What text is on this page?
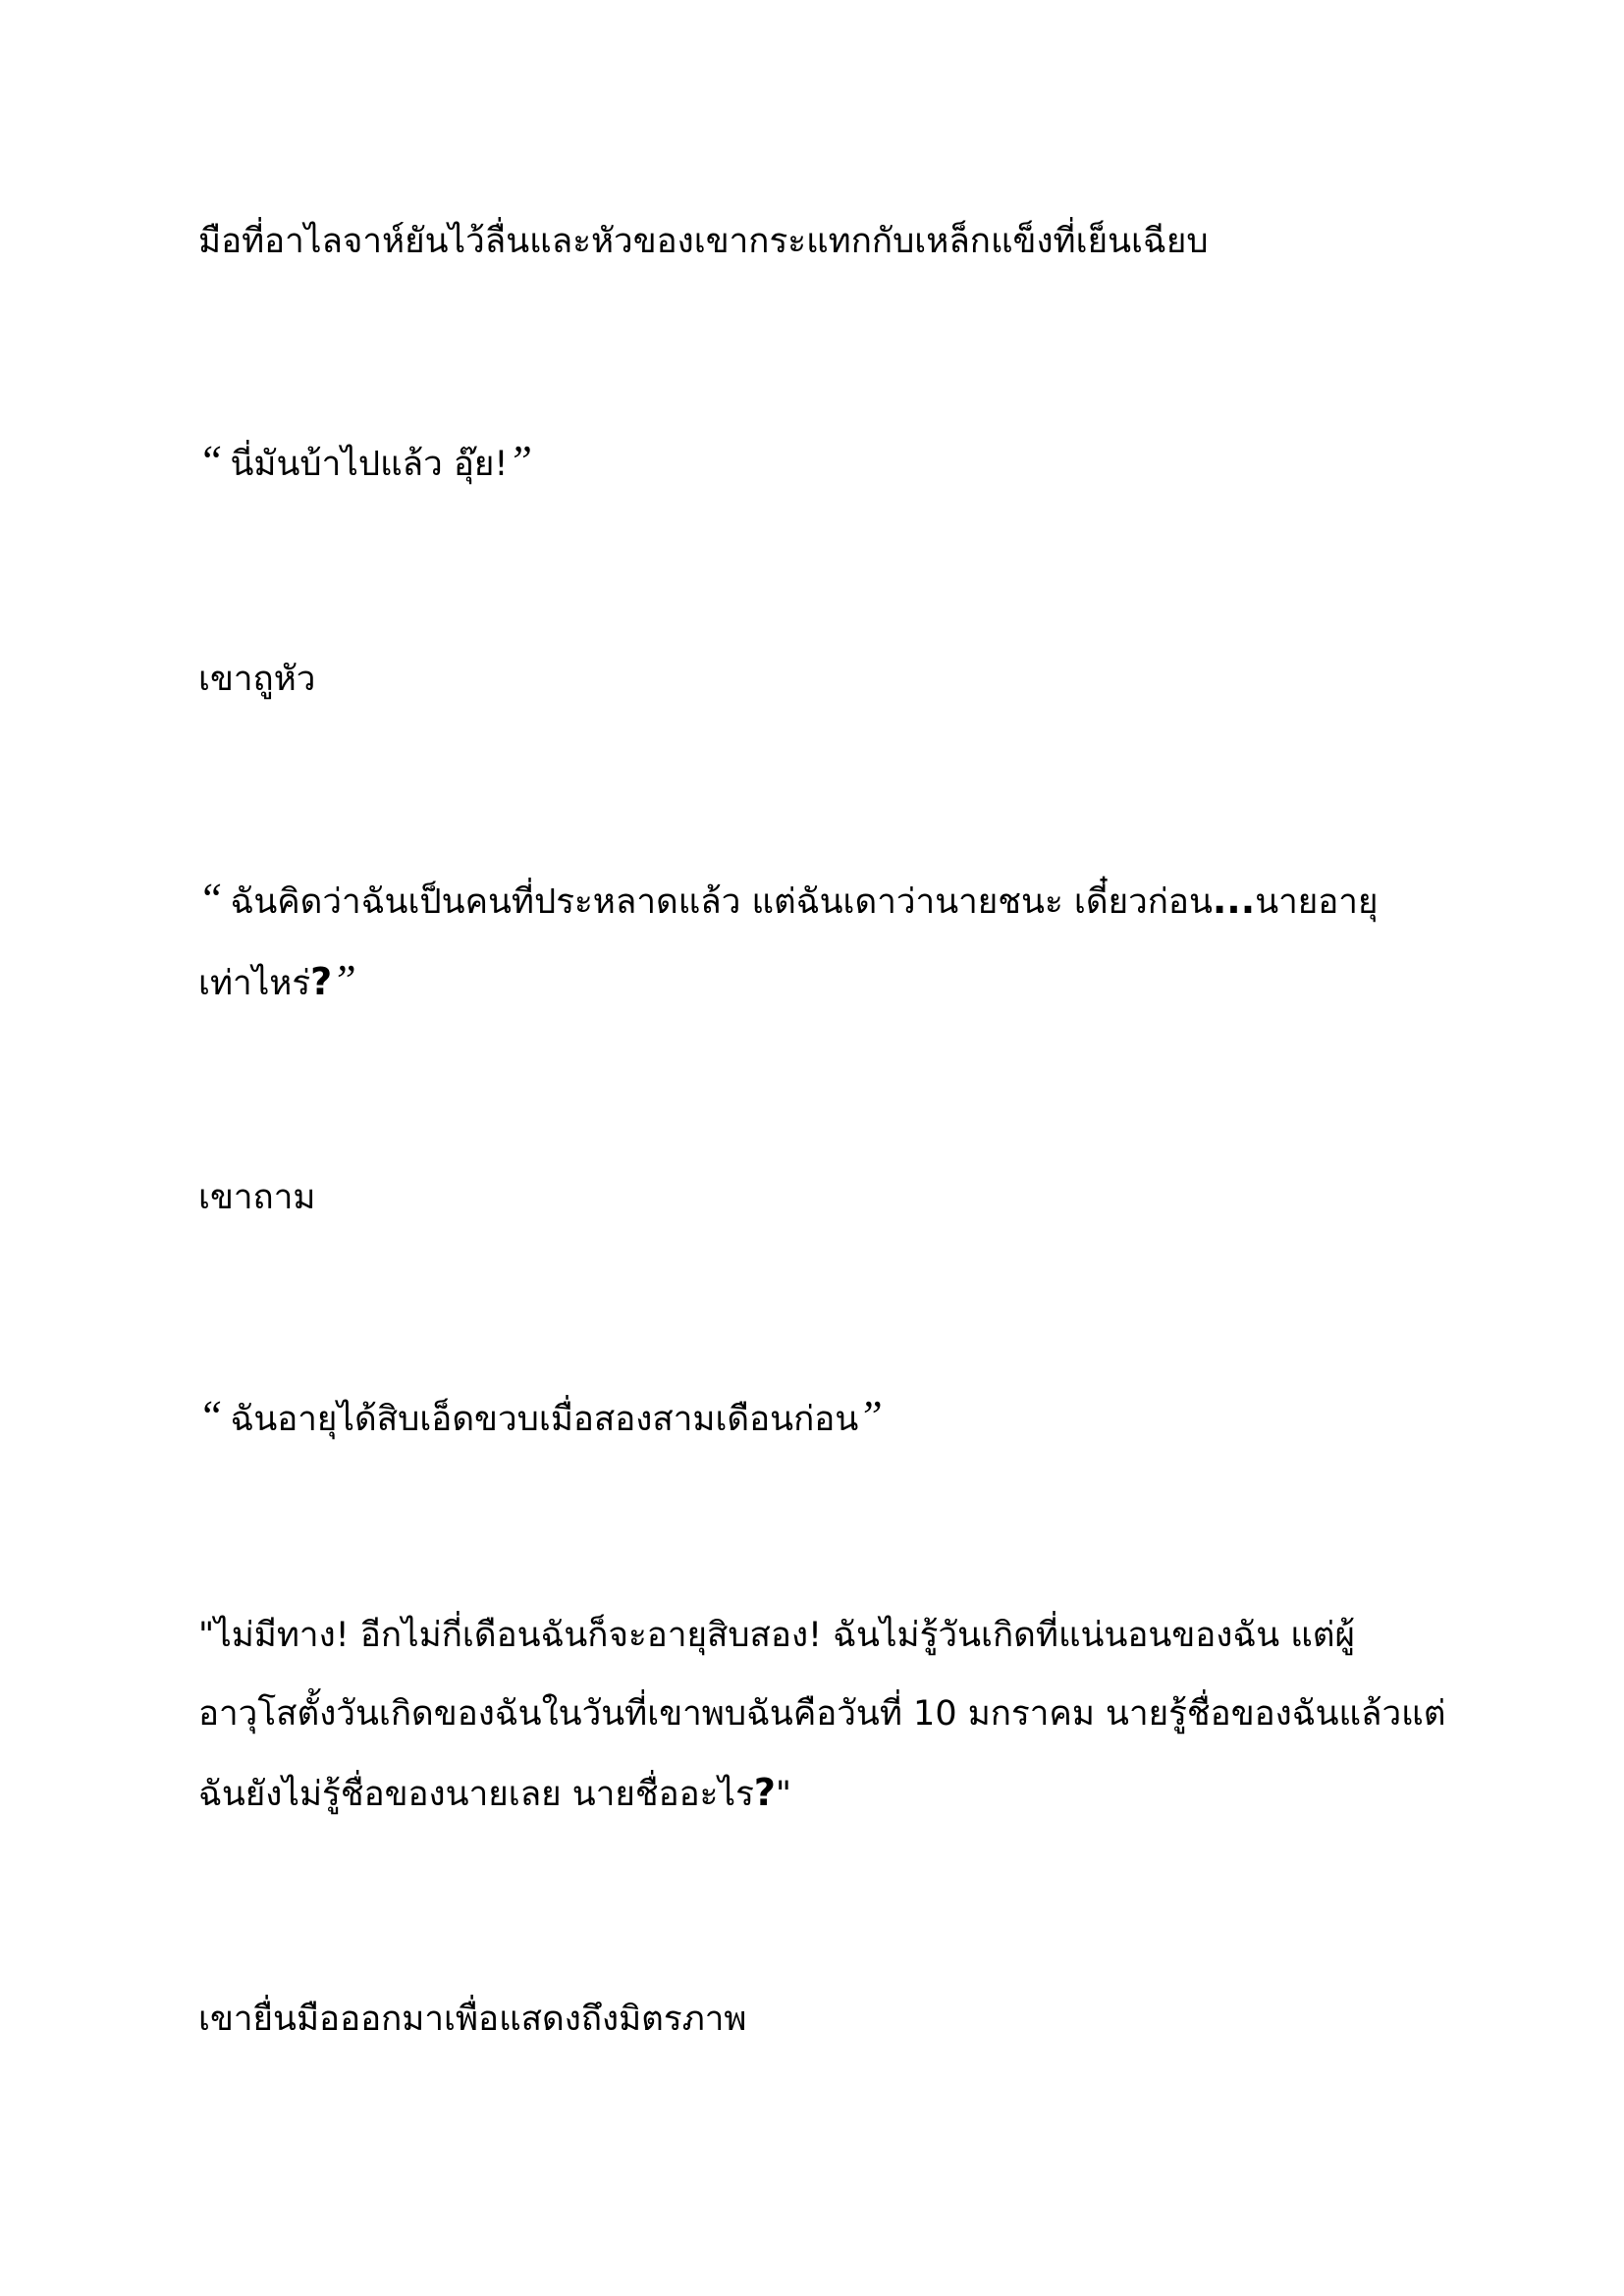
มือที่อาไลจาห์ยันไว้ลื่นและหัวของเขากระแทกกับเหล็กแข็งที่เย็นเฉียบ

“ นี่มันบ้าไปแล้ว อุ๊ย!”

เขาถูหัว

“ ฉันคิดว่าฉันเป็นคนที่ประหลาดแล้ว แต่ฉันเดาว่านายชนะ เดี๋ยวก่อน...นายอายุ
เท่าไหร่?”

เขาถาม

“ ฉันอายุได้สิบเอ็ดขวบเมื่อสองสามเดือนก่อน”

"ไม่มีทาง! อีกไม่กี่เดือนฉันก็จะอายุสิบสอง! ฉันไม่รู้วันเกิดที่แน่นอนของฉัน แต่ผู้
อาวุโสตั้งวันเกิดของฉันในวันที่เขาพบฉันคือวันที่ 10 มกราคม นายรู้ชื่อของฉันแล้วแต่
ฉันยังไม่รู้ชื่อของนายเลย นายชื่ออะไร?"

เขายื่นมือออกมาเพื่อแสดงถึงมิตรภาพ
